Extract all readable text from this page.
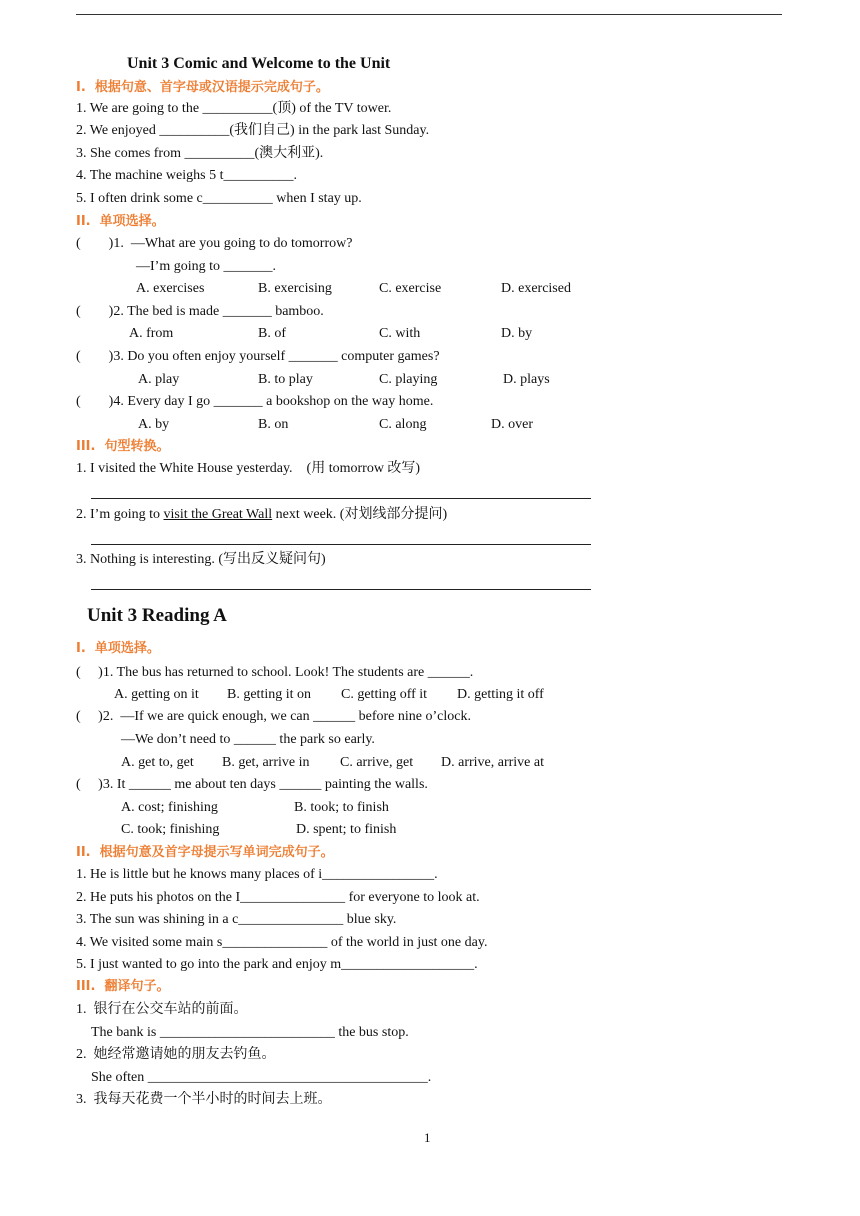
Unit 3 Comic and Welcome to the Unit
I.  根据句意、首字母或汉语提示完成句子。
1. We are going to the __________(顶) of the TV tower.
2. We enjoyed __________(我们自己) in the park last Sunday.
3. She comes from __________(澳大利亚).
4. The machine weighs 5 t__________.
5. I often drink some c__________ when I stay up.
II.  单项选择。
(        )1.  —What are you going to do tomorrow?
—I’m going to _______.
A. exercises	B. exercising	C. exercise	D. exercised
(        )2. The bed is made _______ bamboo.
A. from	B. of	C. with	D. by
(        )3. Do you often enjoy yourself _______ computer games?
A. play	B. to play	C. playing	D. plays
(        )4. Every day I go _______ a bookshop on the way home.
A. by	B. on	C. along	D. over
III.  句型转换。
1. I visited the White House yesterday.    (用 tomorrow 改写)
2. I’m going to visit the Great Wall next week. (对划线部分提问)
3. Nothing is interesting. (写出反义疑问句)
Unit 3 Reading A
I.  单项选择。
(     )1. The bus has returned to school. Look! The students are ______.
A. getting on it B. getting it on C. getting off it D. getting it off
(     )2.  —If we are quick enough, we can ______ before nine o’clock.
—We don’t need to ______ the park so early.
A. get to, get B. get, arrive in C. arrive, get D. arrive, arrive at
(     )3. It ______ me about ten days ______ painting the walls.
A. cost; finishing	B. took; to finish
C. took; finishing	D. spent; to finish
II.  根据句意及首字母提示写单词完成句子。
1. He is little but he knows many places of i________________.
2. He puts his photos on the I_______________ for everyone to look at.
3. The sun was shining in a c_______________ blue sky.
4. We visited some main s_______________ of the world in just one day.
5. I just wanted to go into the park and enjoy m___________________.
III.  翻译句子。
1.  银行在公交车站的前面。
The bank is _________________________ the bus stop.
2.  她经常邀请她的朋友去钓鱼。
She often ________________________________________.
3.  我每天花费一个半小时的时间去上班。
1
